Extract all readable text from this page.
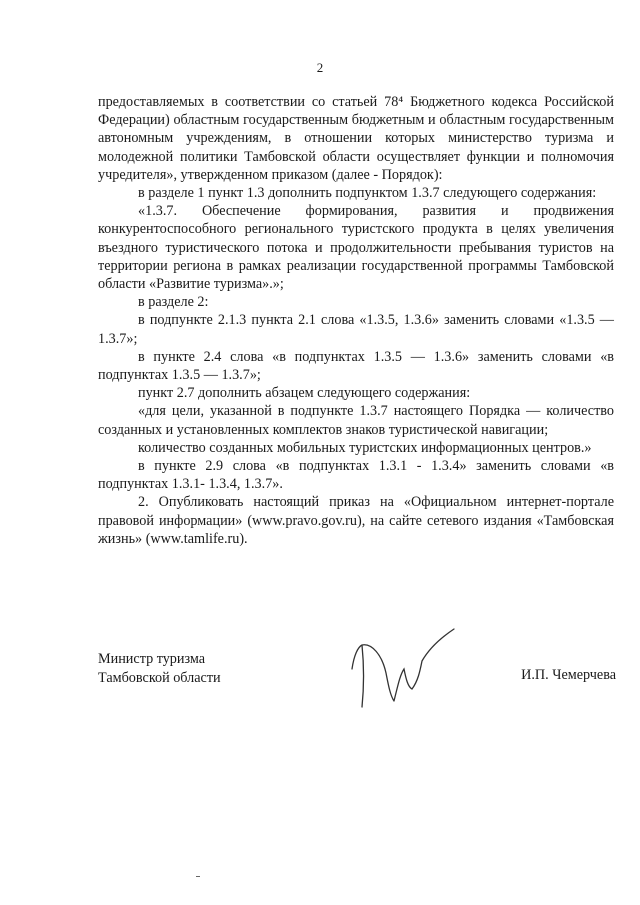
2

предоставляемых в соответствии со статьей 78⁴ Бюджетного кодекса Российской Федерации) областным государственным бюджетным и областным государственным автономным учреждениям, в отношении которых министерство туризма и молодежной политики Тамбовской области осуществляет функции и полномочия учредителя», утвержденном приказом (далее - Порядок):

в разделе 1 пункт 1.3 дополнить подпунктом 1.3.7 следующего содержания:

«1.3.7. Обеспечение формирования, развития и продвижения конкурентоспособного регионального туристского продукта в целях увеличения въездного туристического потока и продолжительности пребывания туристов на территории региона в рамках реализации государственной программы Тамбовской области «Развитие туризма».»;

в разделе 2:

в подпункте 2.1.3 пункта 2.1 слова «1.3.5, 1.3.6» заменить словами «1.3.5 — 1.3.7»;

в пункте 2.4 слова «в подпунктах 1.3.5 — 1.3.6» заменить словами «в подпунктах 1.3.5 — 1.3.7»;

пункт 2.7 дополнить абзацем следующего содержания:

«для цели, указанной в подпункте 1.3.7 настоящего Порядка — количество созданных и установленных комплектов знаков туристической навигации;

количество созданных мобильных туристских информационных центров.»

в пункте 2.9 слова «в подпунктах 1.3.1 - 1.3.4» заменить словами «в подпунктах 1.3.1- 1.3.4, 1.3.7».

2. Опубликовать настоящий приказ на «Официальном интернет-портале правовой информации» (www.pravo.gov.ru), на сайте сетевого издания «Тамбовская жизнь» (www.tamlife.ru).

Министр туризма
Тамбовской области	И.П. Чемерчева
